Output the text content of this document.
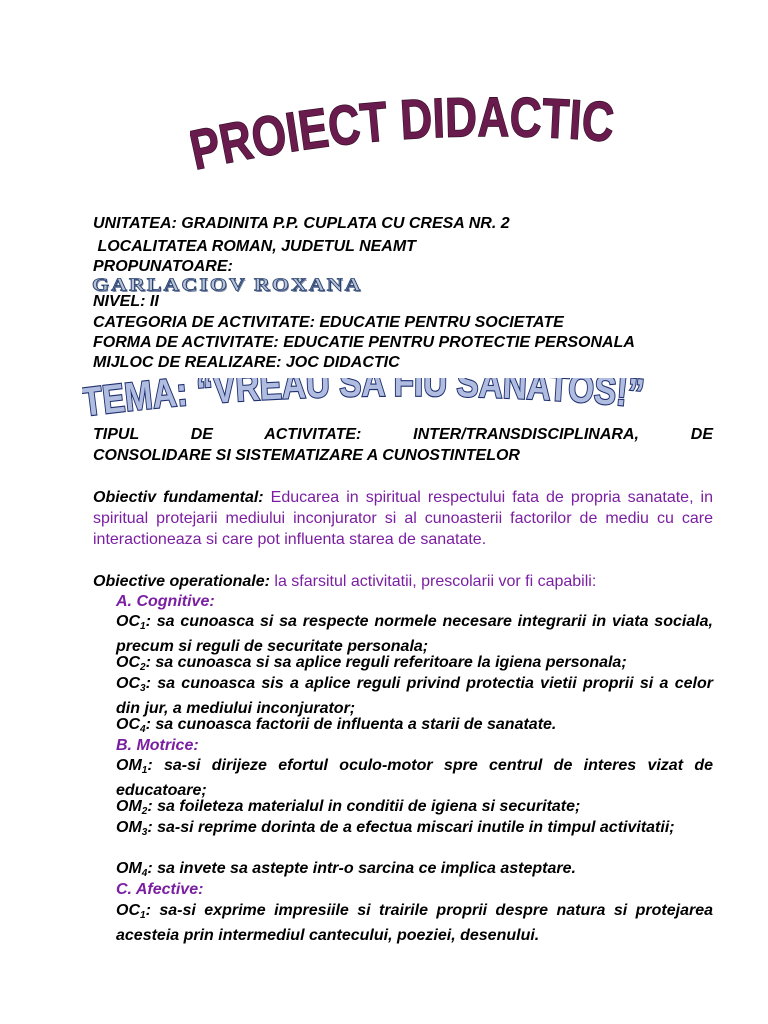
ROIECT DIDACTI
UNITATEA: GRADINITA P.P. CUPLATA CU CRESA NR. 2
LOCALITATEA ROMAN, JUDETUL NEAMT
PROPUNATOARE:
GARLACIOV ROXANA
NIVEL: II
CATEGORIA DE ACTIVITATE: EDUCATIE PENTRU SOCIETATE
FORMA DE ACTIVITATE: EDUCATIE PENTRU PROTECTIE PERSONALA
MIJLOC DE REALIZARE: JOC DIDACTIC
TEMA: “VREAU SA FIU SANATOS!”
TIPUL DE ACTIVITATE: INTER/TRANSDISCIPLINARA, DE
CONSOLIDARE SI SISTEMATIZARE A CUNOSTINTELOR
Obiectiv fundamental: Educarea in spiritual respectului fata de propria sanatate, in spiritual protejarii mediului inconjurator si al cunoasterii factorilor de mediu cu care interactioneaza si care pot influenta starea de sanatate.
Obiective operationale: la sfarsitul activitatii, prescolarii vor fi capabili:
A. Cognitive:
$OC_1$: sa cunoasca si sa respecte normele necesare integrarii in viata sociala, precum si reguli de securitate personala;
$OC_2$: sa cunoasca si sa aplice reguli referitoare la igiena personala;
$OC_3$: sa cunoasca sis a aplice reguli privind protectia vietii proprii si a celor din jur, a mediului inconjurator;
$OC_4$: sa cunoasca factorii de influenta a starii de sanatate.
B. Motrice:
$OM_1$: sa-si dirijeze efortul oculo-motor spre centrul de interes vizat de educatoare;
$OM_2$: sa foileteza materialul in conditii de igiena si securitate;
$OM_3$: sa-si reprime dorinta de a efectua miscari inutile in timpul activitatii;
$OM_4$: sa invete sa astepte intr-o sarcina ce implica asteptare.
C. Afective:
$OC_1$: sa-si exprime impresiile si trairile proprii despre natura si protejarea acesteia prin intermediul cantecului, poeziei, desenului.
